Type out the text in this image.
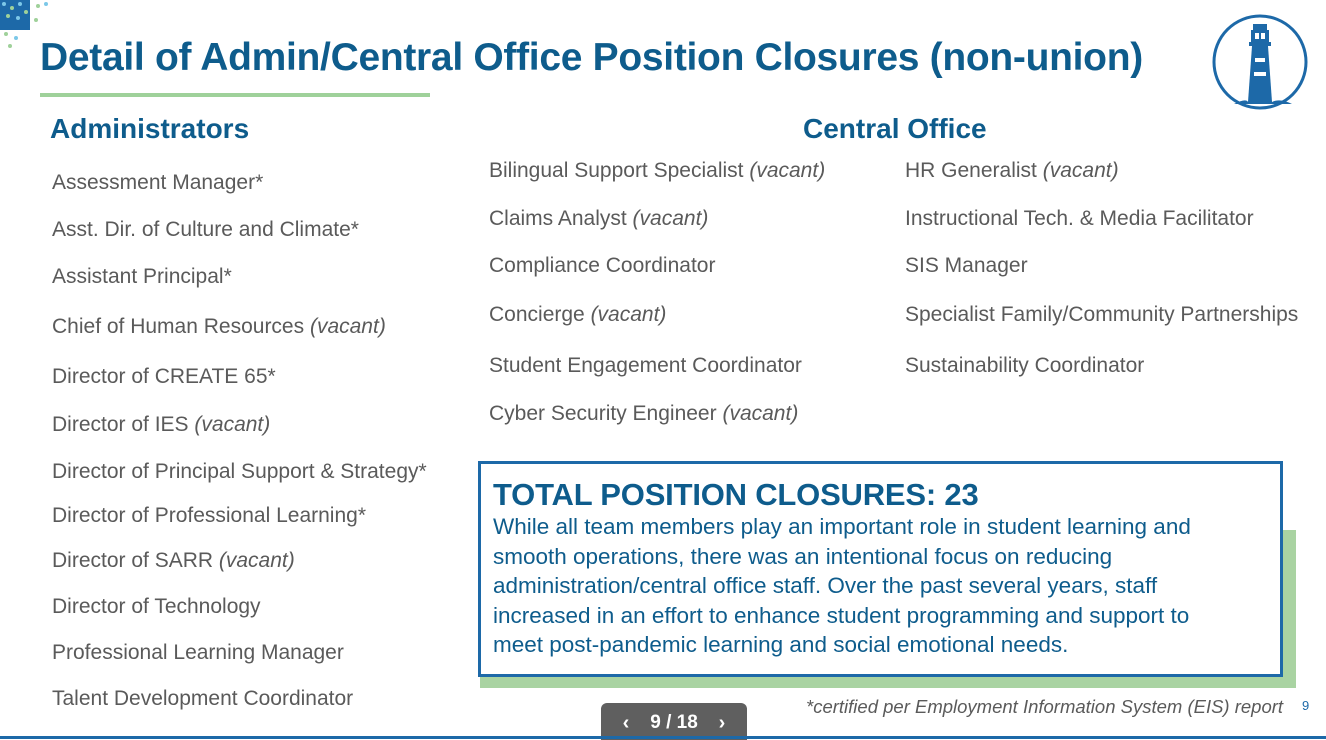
Detail of Admin/Central Office Position Closures (non-union)
Administrators	Central Office
Assessment Manager*
Asst. Dir. of Culture and Climate*
Assistant Principal*
Chief of Human Resources (vacant)
Director of CREATE 65*
Director of IES (vacant)
Director of Principal Support & Strategy*
Director of Professional Learning*
Director of SARR (vacant)
Director of Technology
Professional Learning Manager
Talent Development Coordinator
Bilingual Support Specialist (vacant)
Claims Analyst (vacant)
Compliance Coordinator
Concierge (vacant)
Student Engagement Coordinator
Cyber Security Engineer (vacant)
HR Generalist (vacant)
Instructional Tech. & Media Facilitator
SIS Manager
Specialist Family/Community Partnerships
Sustainability Coordinator
TOTAL POSITION CLOSURES: 23
While all team members play an important role in student learning and
smooth operations, there was an intentional focus on reducing
administration/central office staff. Over the past several years, staff
increased in an effort to enhance student programming and support to
meet post-pandemic learning and social emotional needs.
*certified per Employment Information System (EIS) report 9
‹ 9 / 18 ›
